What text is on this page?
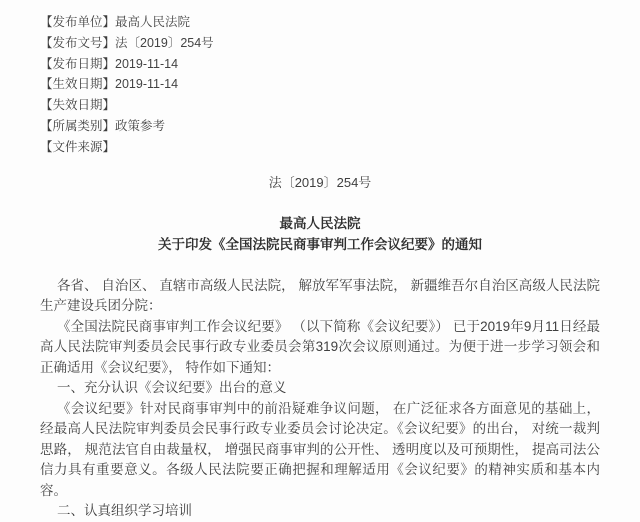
【发布单位】最高人民法院
【发布文号】法〔2019〕254号
【发布日期】2019-11-14
【生效日期】2019-11-14
【失效日期】
【所属类别】政策参考
【文件来源】
法〔2019〕254号
最高人民法院
关于印发《全国法院民商事审判工作会议纪要》的通知

各省、 自治区、 直辖市高级人民法院， 解放军军事法院， 新疆维吾尔自治区高级人民法院生产建设兵团分院：

《全国法院民商事审判工作会议纪要》 （以下简称《会议纪要》） 已于2019年9月11日经最高人民法院审判委员会民事行政专业委员会第319次会议原则通过。为便于进一步学习领会和正确适用《会议纪要》， 特作如下通知：

一、充分认识《会议纪要》出台的意义

《会议纪要》针对民商事审判中的前沿疑难争议问题， 在广泛征求各方面意见的基础上， 经最高人民法院审判委员会民事行政专业委员会讨论决定。《会议纪要》的出台， 对统一裁判思路， 规范法官自由裁量权， 增强民商事审判的公开性、 透明度以及可预期性， 提高司法公信力具有重要意义。各级人民法院要正确把握和理解适用《会议纪要》的精神实质和基本内容。

二、认真组织学习培训
